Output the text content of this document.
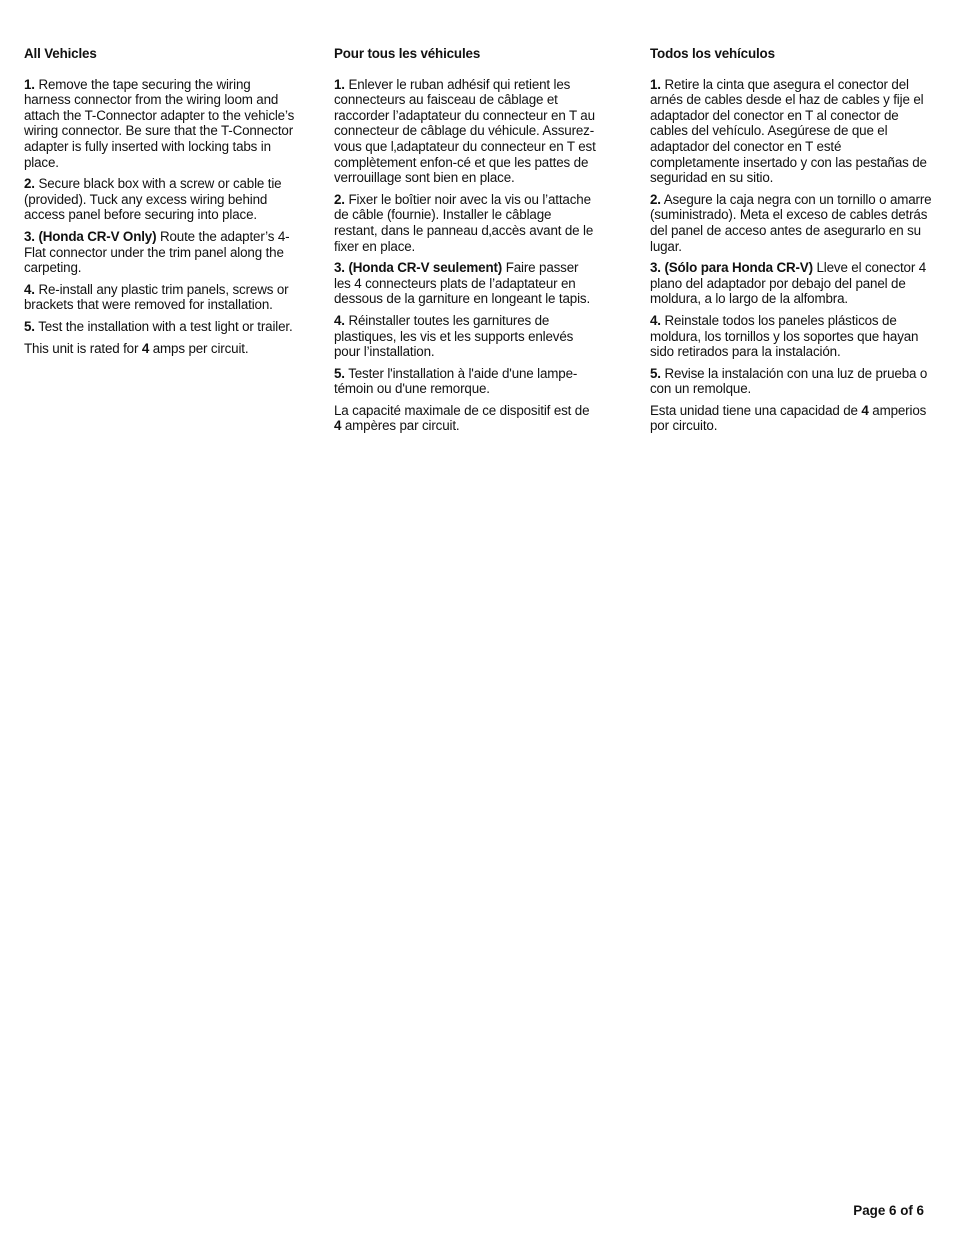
All Vehicles

1. Remove the tape securing the wiring harness connector from the wiring loom and attach the T-Connector adapter to the vehicle’s wiring connector. Be sure that the T-Connector adapter is fully inserted with locking tabs in place.

2. Secure black box with a screw or cable tie (provided). Tuck any excess wiring behind access panel before securing into place.

3. (Honda CR-V Only) Route the adapter’s 4-Flat connector under the trim panel along the carpeting.

4. Re-install any plastic trim panels, screws or brackets that were removed for installation.

5. Test the installation with a test light or trailer.

This unit is rated for 4 amps per circuit.

Pour tous les véhicules

1. Enlever le ruban adhésif qui retient les connecteurs au faisceau de câblage et raccorder l’adaptateur du connecteur en T au connecteur de câblage du véhicule. Assurez-vous que l‚adaptateur du connecteur en T est complètement enfon-cé et que les pattes de verrouillage sont bien en place.

2. Fixer le boîtier noir avec la vis ou l’attache de câble (fournie). Installer le câblage restant, dans le panneau d‚accès avant de le fixer en place.

3. (Honda CR-V seulement) Faire passer les 4 connecteurs plats de l’adaptateur en dessous de la garniture en longeant le tapis.

4. Réinstaller toutes les garnitures de plastiques, les vis et les supports enlevés pour l’installation.

5. Tester l'installation à l'aide d'une lampe-témoin ou d'une remorque.

La capacité maximale de ce dispositif est de 4 ampères par circuit.

Todos los vehículos

1. Retire la cinta que asegura el conector del arnés de cables desde el haz de cables y fije el adaptador del conector en T al conector de cables del vehículo. Asegúrese de que el adaptador del conector en T esté completamente insertado y con las pestañas de seguridad en su sitio.

2. Asegure la caja negra con un tornillo o amarre (suministrado). Meta el exceso de cables detrás del panel de acceso antes de asegurarlo en su lugar.

3. (Sólo para Honda CR-V) Lleve el conector 4 plano del adaptador por debajo del panel de moldura, a lo largo de la alfombra.

4. Reinstale todos los paneles plásticos de moldura, los tornillos y los soportes que hayan sido retirados para la instalación.

5. Revise la instalación con una luz de prueba o con un remolque.

Esta unidad tiene una capacidad de 4 amperios por circuito.

Page 6 of 6
